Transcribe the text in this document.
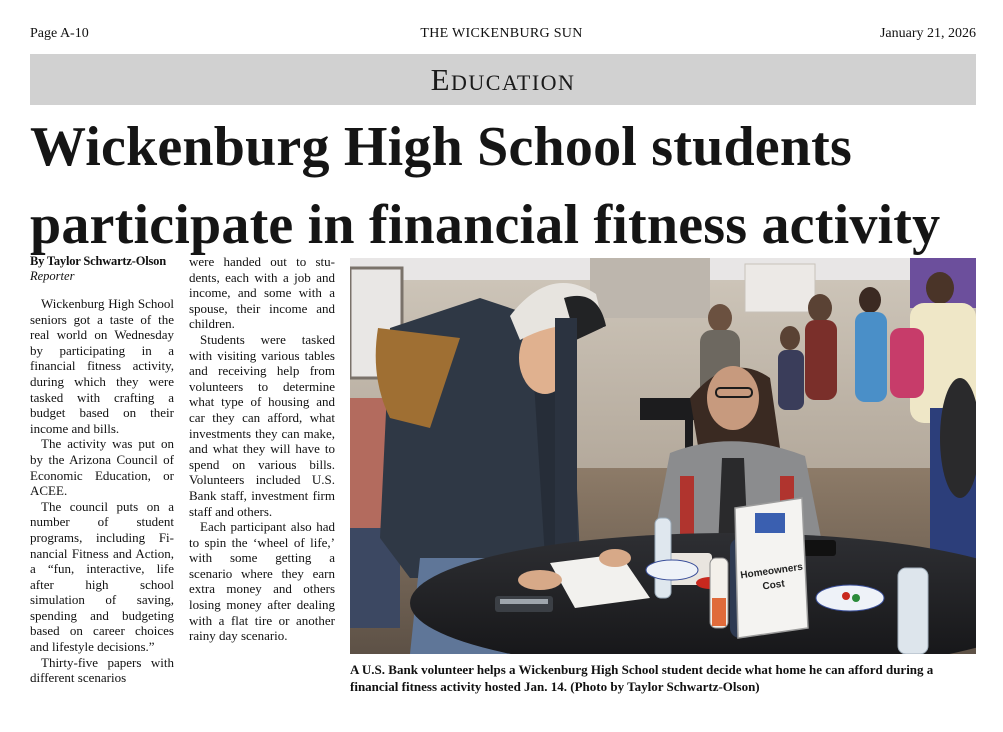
Page A-10	THE WICKENBURG SUN	January 21, 2026
Education
Wickenburg High School students
participate in financial fitness activity

By Taylor Schwartz-Olson

Reporter

Wickenburg High School seniors got a taste of the real world on Wednesday by participating in a financial fitness activity, during which they were tasked with crafting a budget based on their income and bills.

The activity was put on by the Arizona Council of Economic Education, or ACEE.

The council puts on a number of student programs, including Financial Fitness and Action, a “fun, interactive, life after high school simulation of saving, spending and budgeting based on career choices and lifestyle decisions.”

Thirty-five papers with different scenarios

were handed out to students, each with a job and income, and some with a spouse, their income and children.

Students were tasked with visiting various tables and receiving help from volunteers to determine what type of housing and car they can afford, what investments they can make, and what they will have to spend on various bills. Volunteers included U.S. Bank staff, investment firm staff and others.

Each participant also had to spin the ‘wheel of life,’ with some getting a scenario where they earn extra money and others losing money after dealing with a flat tire or another rainy day scenario.

Homeowners
Cost

A U.S. Bank volunteer helps a Wickenburg High School student decide what home he can afford during a financial fitness activity hosted Jan. 14. (Photo by Taylor Schwartz-Olson)
